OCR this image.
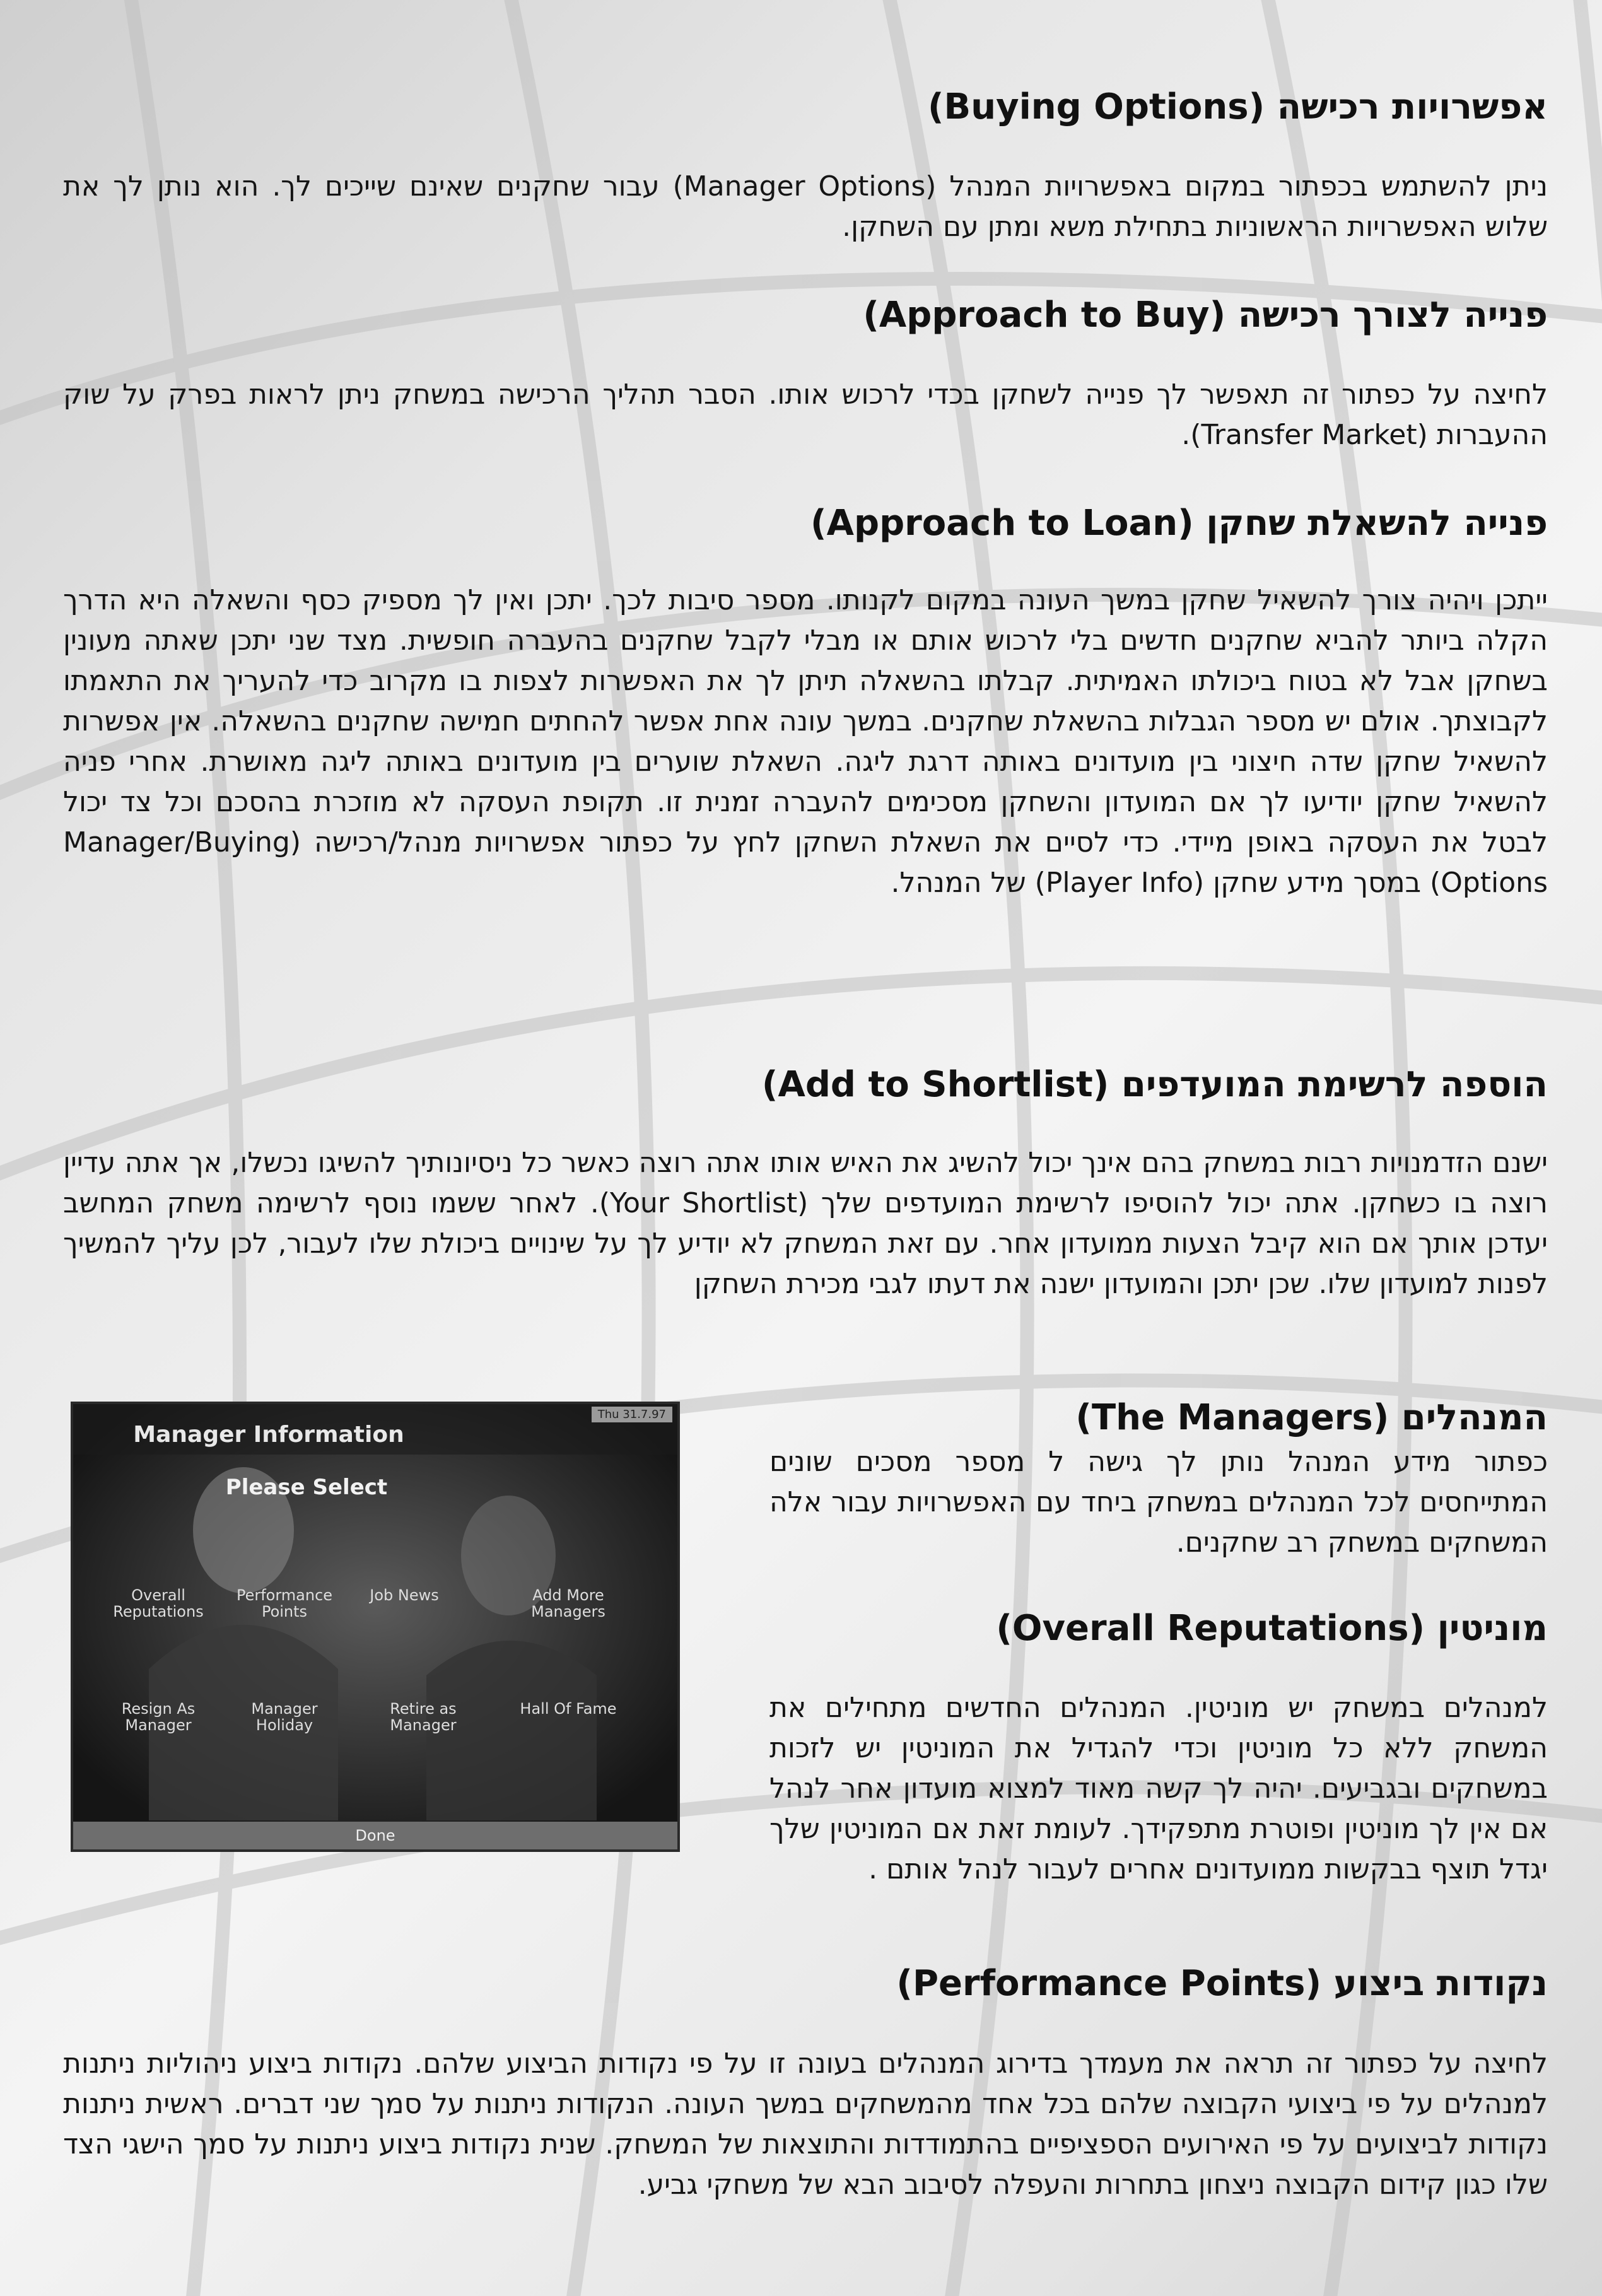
אפשרויות רכישה (Buying Options)

ניתן להשתמש בכפתור במקום באפשרויות המנהל (Manager Options) עבור שחקנים שאינם שייכים לך. הוא נותן לך את שלוש האפשרויות הראשוניות בתחילת משא ומתן עם השחקן.

פנייה לצורך רכישה (Approach to Buy)

לחיצה על כפתור זה תאפשר לך פנייה לשחקן בכדי לרכוש אותו. הסבר תהליך הרכישה במשחק ניתן לראות בפרק על שוק ההעברות (Transfer Market).

פנייה להשאלת שחקן (Approach to Loan)

ייתכן ויהיה צורך להשאיל שחקן במשך העונה במקום לקנותו. מספר סיבות לכך. יתכן ואין לך מספיק כסף והשאלה היא הדרך הקלה ביותר להביא שחקנים חדשים בלי לרכוש אותם או מבלי לקבל שחקנים בהעברה חופשית. מצד שני יתכן שאתה מעונין בשחקן אבל לא בטוח ביכולתו האמיתית. קבלתו בהשאלה תיתן לך את האפשרות לצפות בו מקרוב כדי להעריך את התאמתו לקבוצתך. אולם יש מספר הגבלות בהשאלת שחקנים. במשך עונה אחת אפשר להחתים חמישה שחקנים בהשאלה. אין אפשרות להשאיל שחקן שדה חיצוני בין מועדונים באותה דרגת ליגה. השאלת שוערים בין מועדונים באותה ליגה מאושרת. אחרי פניה להשאיל שחקן יודיעו לך אם המועדון והשחקן מסכימים להעברה זמנית זו. תקופת העסקה לא מוזכרת בהסכם וכל צד יכול לבטל את העסקה באופן מיידי. כדי לסיים את השאלת השחקן לחץ על כפתור אפשרויות מנהל/רכישה (Manager/Buying Options) במסך מידע שחקן (Player Info) של המנהל.

הוספה לרשימת המועדפים (Add to Shortlist)

ישנם הזדמנויות רבות במשחק בהם אינך יכול להשיג את האיש אותו אתה רוצה כאשר כל ניסיונותיך להשיגו נכשלו, אך אתה עדיין רוצה בו כשחקן. אתה יכול להוסיפו לרשימת המועדפים שלך (Your Shortlist). לאחר ששמו נוסף לרשימה משחק המחשב יעדכן אותך אם הוא קיבל הצעות ממועדון אחר. עם זאת המשחק לא יודיע לך על שינויים ביכולת שלו לעבור, לכן עליך להמשיך לפנות למועדון שלו. שכן יתכן והמועדון ישנה את דעתו לגבי מכירת השחקן

המנהלים (The Managers)

כפתור מידע המנהל נותן לך גישה ל מספר מסכים שונים המתייחסים לכל המנהלים במשחק ביחד עם האפשרויות עבור אלה המשחקים במשחק רב שחקנים.

מוניטין (Overall Reputations)

למנהלים במשחק יש מוניטין. המנהלים החדשים מתחילים את המשחק ללא כל מוניטין וכדי להגדיל את המוניטין יש לזכות במשחקים ובגביעים. יהיה לך קשה מאוד למצוא מועדון אחר לנהל אם אין לך מוניטין ופוטרת מתפקידך. לעומת זאת אם המוניטין שלך יגדל תוצף בבקשות ממועדונים אחרים לעבור לנהל אותם .

נקודות ביצוע (Performance Points)

לחיצה על כפתור זה תראה את מעמדך בדירוג המנהלים בעונה זו על פי נקודות הביצוע שלהם. נקודות ביצוע ניהוליות ניתנות למנהלים על פי ביצועי הקבוצה שלהם בכל אחד מהמשחקים במשך העונה. הנקודות ניתנות על סמך שני דברים. ראשית ניתנות נקודות לביצועים על פי האירועים הספציפיים בהתמודדות והתוצאות של המשחק. שנית נקודות ביצוע ניתנות על סמך הישגי הצד שלו כגון קידום הקבוצה ניצחון בתחרות והעפלה לסיבוב הבא של משחקי גביע.

Thu 31.7.97
Manager Information
Please Select
Overall Reputations
Performance Points
Job News	Add More Managers
Resign As Manager
Manager Holiday
Retire as Manager
Hall Of Fame
Done
